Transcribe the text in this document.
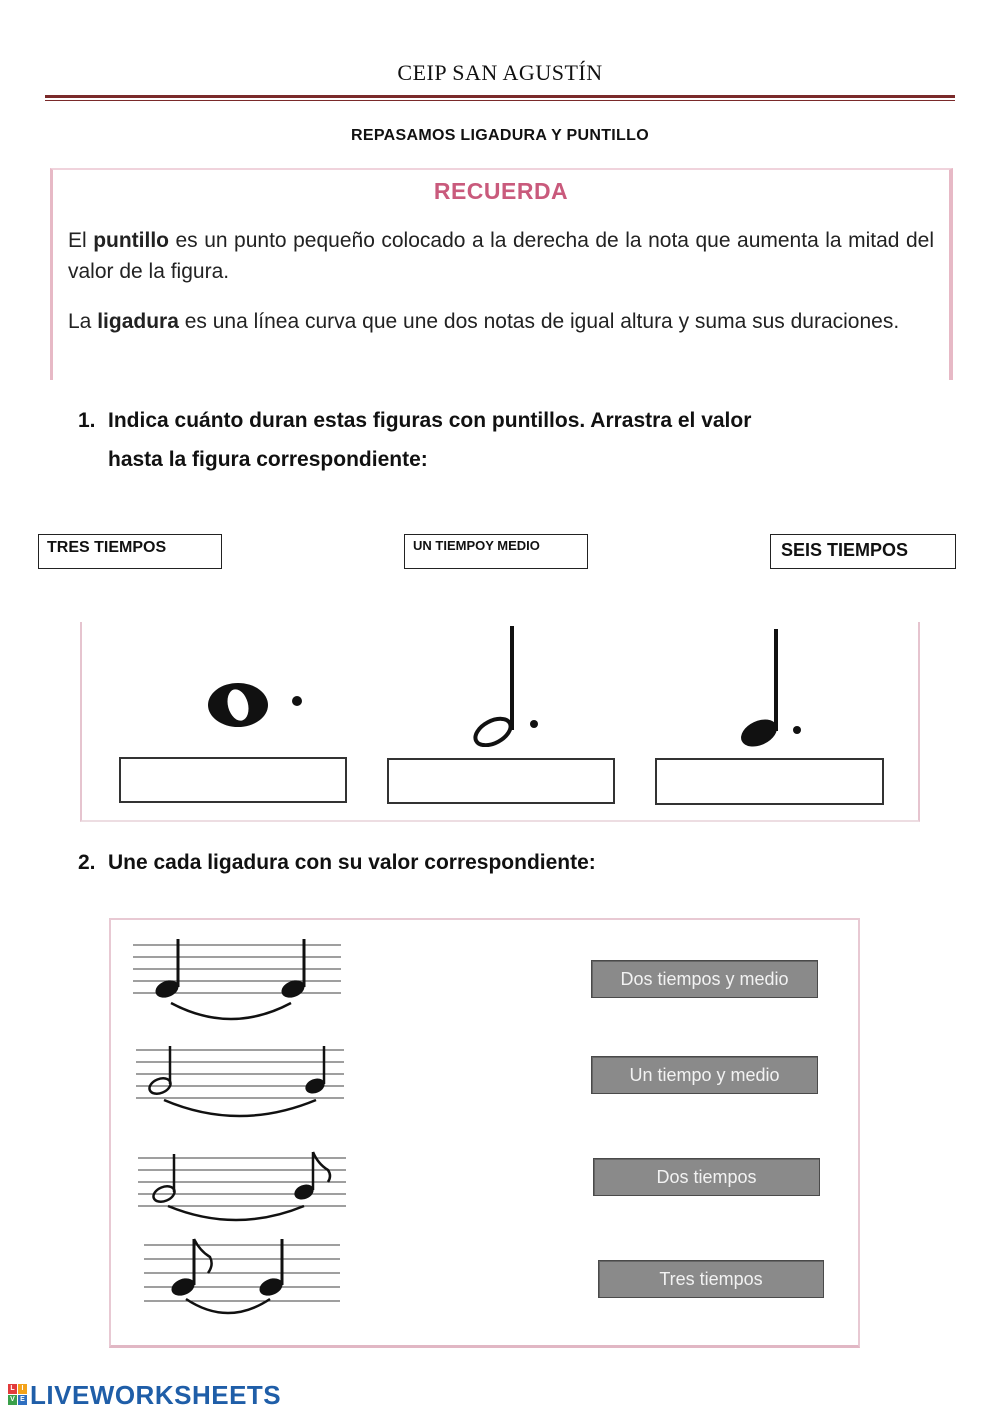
CEIP SAN AGUSTÍN
REPASAMOS LIGADURA Y PUNTILLO
RECUERDA
El puntillo es un punto pequeño colocado a la derecha de la nota que aumenta la mitad del valor de la figura.
La ligadura es una línea curva que une dos notas de igual altura y suma sus duraciones.
1. Indica cuánto duran estas figuras con puntillos. Arrastra el valor
hasta la figura correspondiente:
TRES TIEMPOS	UN TIEMPOY MEDIO	SEIS TIEMPOS
2. Une cada ligadura con su valor correspondiente:
Dos tiempos y medio
Un tiempo y medio
Dos tiempos
Tres tiempos
L I
V E LIVEWORKSHEETS
